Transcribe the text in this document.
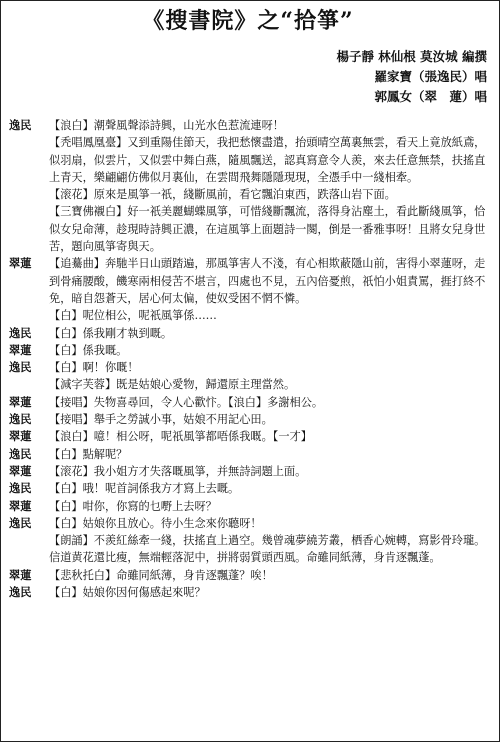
《搜書院》之“拾箏”
楊子靜 林仙根 莫汝城 編撰
羅家寶（張逸民）唱
郭鳳女（翠　蓮）唱
逸民	【浪白】潮聲風聲添詩興，山光水色惹流連呀！
【秃唱鳳凰臺】又到重陽佳節天，我把愁懷盡遣，抬頭晴空萬裏無雲，看天上竟放紙鳶，似羽扇，似雲片，又似雲中舞白燕，隨風飄送，認真寫意令人羨，來去任意無禁，扶搖直上青天，樂翩翩仿佛似月裏仙，在雲間飛舞隱隱現現，全憑手中一綫相牽。
【滚花】原來是風箏一祇，綫斷風前，看它飄泊東西，跌落山岩下面。
【三寶佛襯白】好一祇美麗蝴蝶風箏，可惜綫斷飄流，落得身沾塵土，看此斷綫風箏，恰似女兒命薄，趁現時詩興正濃，在這風箏上面題詩一闋，倒是一番雅事呀！且將女兒身世苦，題向風箏寄與天。
翠蓮	【追驀曲】奔馳半日山頭踏遍，那風箏害人不淺，有心相欺蔽隱山前，害得小翠蓮呀，走到骨痛腰酸，饑寒兩相侵苦不堪言，四處也不見，五內倍憂煎，祇怕小姐責罵，捱打終不免，暗自怨蒼天，居心何太偏，使奴受困不惘不憐。
【白】呢位相公，呢祇風箏係……
逸民	【白】係我剛才執到嘅。
翠蓮	【白】係我嘅。
逸民	【白】啊！你嘅！
【減字芙蓉】既是姑娘心愛物，歸還原主理當然。
翠蓮	【接唱】失物喜尋回，令人心歡忭。【浪白】多謝相公。
逸民	【接唱】舉手之勞誠小事，姑娘不用記心田。
翠蓮	【浪白】噫！相公呀，呢祇風箏都唔係我嘅。【一才】
逸民	【白】點解呢？
翠蓮	【滚花】我小姐方才失落嘅風箏，并無詩詞題上面。
逸民	【白】哦！呢首詞係我方才寫上去嘅。
翠蓮	【白】咁你，你寫的乜嘢上去呀？
逸民	【白】姑娘你且放心。待小生念來你聽呀！
【朗誦】不羨紅絲牽一綫，扶搖直上過空。幾曾魂夢繞芳叢，栖香心婉轉，寫影骨玲瓏。信道黄花還比瘦，無端輕落泥中，拼將弱質頭西風。命雖同紙薄，身肯逐飄蓬。
翠蓮	【悲秋托白】命雖同紙薄，身肯逐飄蓬？唉！
逸民	【白】姑娘你因何傷感起來呢？
